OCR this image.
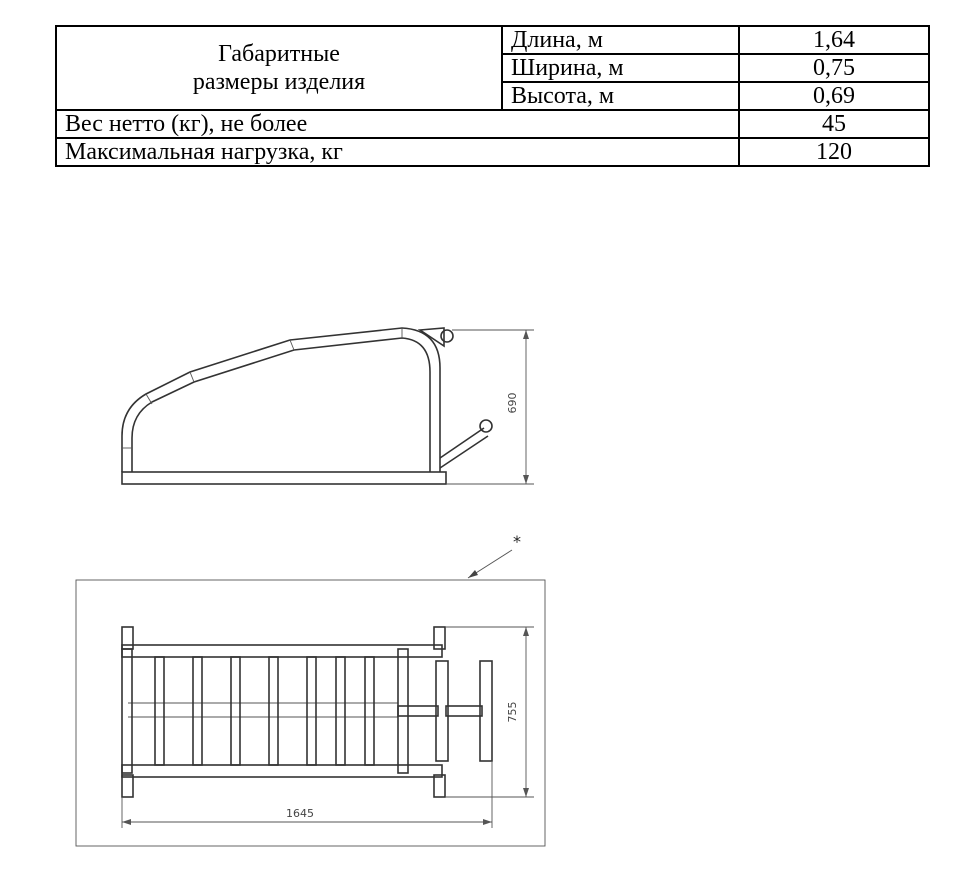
Габаритные
размеры изделия	Длина, м	1,64
	Ширина, м	0,75
	Высота, м	0,69
Вес нетто (кг), не более		45
Максимальная нагрузка, кг		120
690
*
755
1645
